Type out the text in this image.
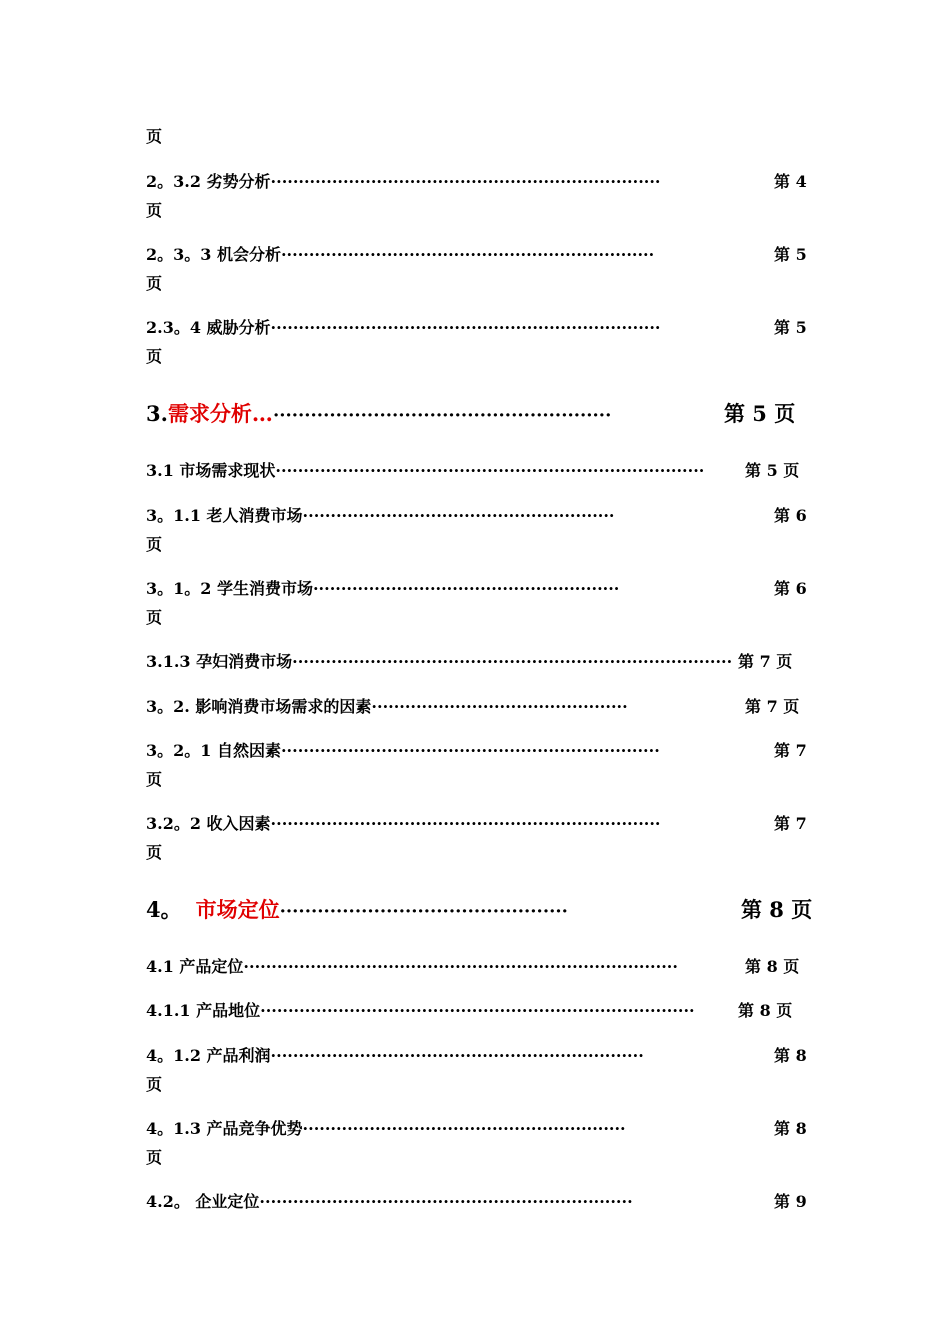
页
2。3.2 劣势分析······································································	第 4
页
2。3。3 机会分析···································································	第 5
页
2.3。4 威胁分析······································································	第 5
页
3.需求分析…······················································	第 5 页
3.1 市场需求现状·············································································	第 5 页
3。1.1 老人消费市场························································	第 6
页
3。1。2 学生消费市场·······················································	第 6
页
3.1.3 孕妇消费市场··············································································· 第 7 页
3。2. 影响消费市场需求的因素··············································	第 7 页
3。2。1 自然因素····································································	第 7
页
3.2。2 收入因素······································································	第 7
页
4。 市场定位··············································	第 8 页
4.1 产品定位··············································································	第 8 页
4.1.1 产品地位··············································································	第 8 页
4。1.2 产品利润···································································	第 8
页
4。1.3 产品竞争优势··························································	第 8
页
4.2。 企业定位···································································	第 9
